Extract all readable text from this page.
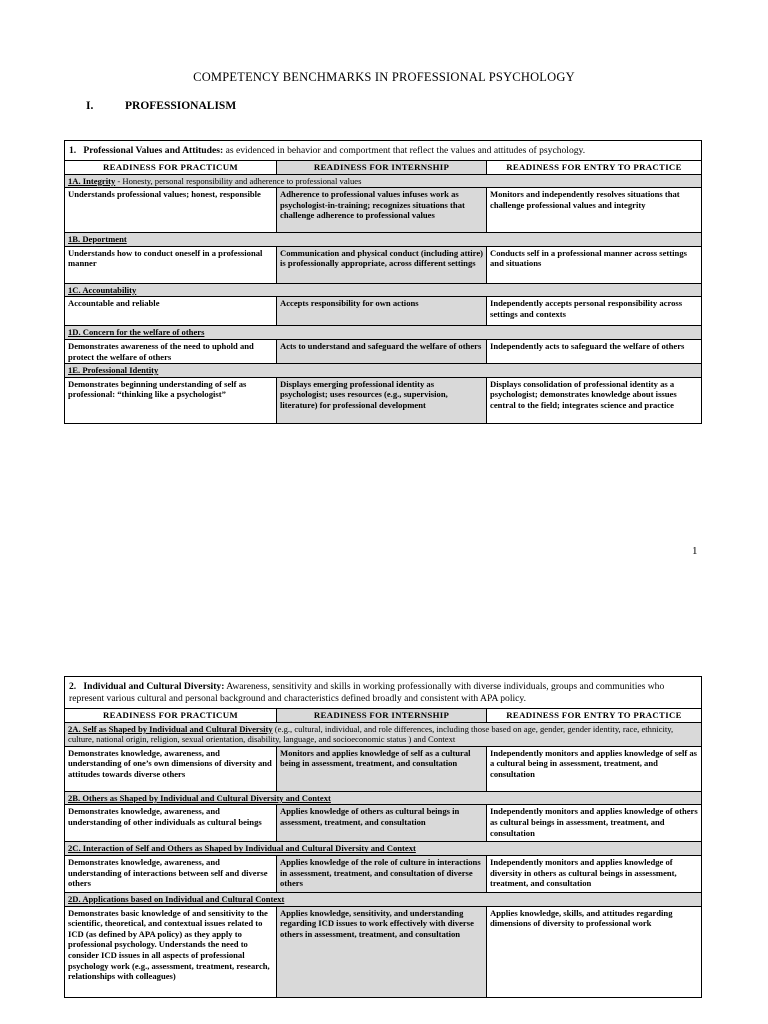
COMPETENCY BENCHMARKS IN PROFESSIONAL PSYCHOLOGY
I.	PROFESSIONALISM
1. Professional Values and Attitudes: as evidenced in behavior and comportment that reflect the values and attitudes of psychology.		
READINESS FOR PRACTICUM	READINESS FOR INTERNSHIP	READINESS FOR ENTRY TO PRACTICE
1A. Integrity - Honesty, personal responsibility and adherence to professional values		
Understands professional values; honest, responsible	Adherence to professional values infuses work as psychologist-in-training; recognizes situations that challenge adherence to professional values	Monitors and independently resolves situations that challenge professional values and integrity
1B. Deportment		
Understands how to conduct oneself in a professional manner	Communication and physical conduct (including attire) is professionally appropriate, across different settings	Conducts self in a professional manner across settings and situations
1C. Accountability		
Accountable and reliable	Accepts responsibility for own actions	Independently accepts personal responsibility across settings and contexts
1D. Concern for the welfare of others		
Demonstrates awareness of the need to uphold and protect the welfare of others	Acts to understand and safeguard the welfare of others	Independently acts to safeguard the welfare of others
1E. Professional Identity		
Demonstrates beginning understanding of self as professional: “thinking like a psychologist”	Displays emerging professional identity as psychologist; uses resources (e.g., supervision, literature) for professional development	Displays consolidation of professional identity as a psychologist; demonstrates knowledge about issues central to the field; integrates science and practice
1
2. Individual and Cultural Diversity: Awareness, sensitivity and skills in working professionally with diverse individuals, groups and communities who represent various cultural and personal background and characteristics defined broadly and consistent with APA policy.		
READINESS FOR PRACTICUM	READINESS FOR INTERNSHIP	READINESS FOR ENTRY TO PRACTICE
2A. Self as Shaped by Individual and Cultural Diversity (e.g., cultural, individual, and role differences, including those based on age, gender, gender identity, race, ethnicity, culture, national origin, religion, sexual orientation, disability, language, and socioeconomic status ) and Context		
Demonstrates knowledge, awareness, and understanding of one’s own dimensions of diversity and attitudes towards diverse others	Monitors and applies knowledge of self as a cultural being in assessment, treatment, and consultation	Independently monitors and applies knowledge of self as a cultural being in assessment, treatment, and consultation
2B. Others as Shaped by Individual and Cultural Diversity and Context		
Demonstrates knowledge, awareness, and understanding of other individuals as cultural beings	Applies knowledge of others as cultural beings in assessment, treatment, and consultation	Independently monitors and applies knowledge of others as cultural beings in assessment, treatment, and consultation
2C. Interaction of Self and Others as Shaped by Individual and Cultural Diversity and Context		
Demonstrates knowledge, awareness, and understanding of interactions between self and diverse others	Applies knowledge of the role of culture in interactions in assessment, treatment, and consultation of diverse others	Independently monitors and applies knowledge of diversity in others as cultural beings in assessment, treatment, and consultation
2D. Applications based on Individual and Cultural Context		
Demonstrates basic knowledge of and sensitivity to the scientific, theoretical, and contextual issues related to ICD (as defined by APA policy) as they apply to professional psychology. Understands the need to consider ICD issues in all aspects of professional psychology work (e.g., assessment, treatment, research, relationships with colleagues)	Applies knowledge, sensitivity, and understanding regarding ICD issues to work effectively with diverse others in assessment, treatment, and consultation	Applies knowledge, skills, and attitudes regarding dimensions of diversity to professional work
